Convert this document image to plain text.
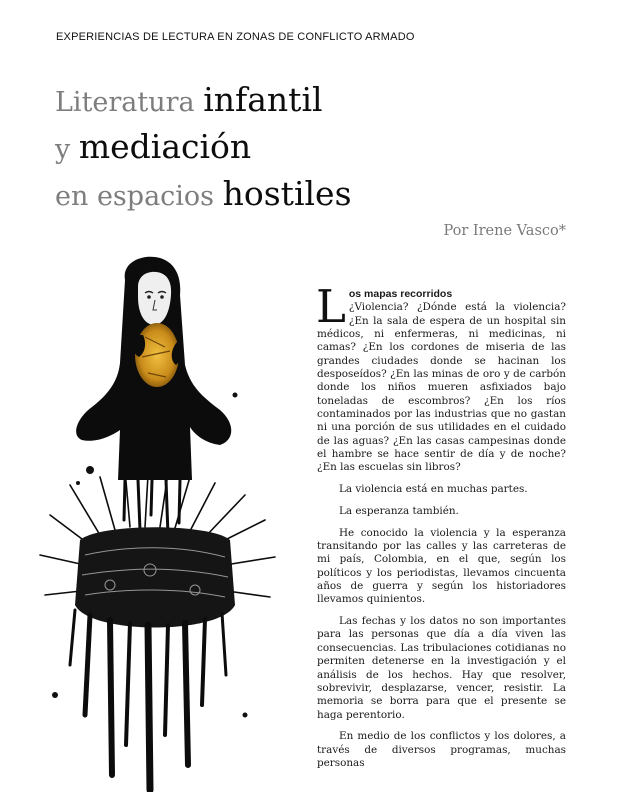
EXPERIENCIAS DE LECTURA EN ZONAS DE CONFLICTO ARMADO
Literatura infantil
y mediación
en espacios hostiles
Por Irene Vasco*

Los mapas recorridos
¿Violencia? ¿Dónde está la violencia? ¿En la sala de espera de un hospital sin médicos, ni enfermeras, ni medicinas, ni camas? ¿En los cordones de miseria de las grandes ciudades donde se hacinan los desposeídos? ¿En las minas de oro y de carbón donde los niños mueren asfixiados bajo toneladas de escombros? ¿En los ríos contaminados por las industrias que no gastan ni una porción de sus utilidades en el cuidado de las aguas? ¿En las casas campesinas donde el hambre se hace sentir de día y de noche? ¿En las escuelas sin libros?

La violencia está en muchas partes.

La esperanza también.

He conocido la violencia y la esperanza transitando por las calles y las carreteras de mi país, Colombia, en el que, según los políticos y los periodistas, llevamos cincuenta años de guerra y según los historiadores llevamos quinientos.

Las fechas y los datos no son importantes para las personas que día a día viven las consecuencias. Las tribulaciones cotidianas no permiten detenerse en la investigación y el análisis de los hechos. Hay que resolver, sobrevivir, desplazarse, vencer, resistir. La memoria se borra para que el presente se haga perentorio.

En medio de los conflictos y los dolores, a través de diversos programas, muchas personas
